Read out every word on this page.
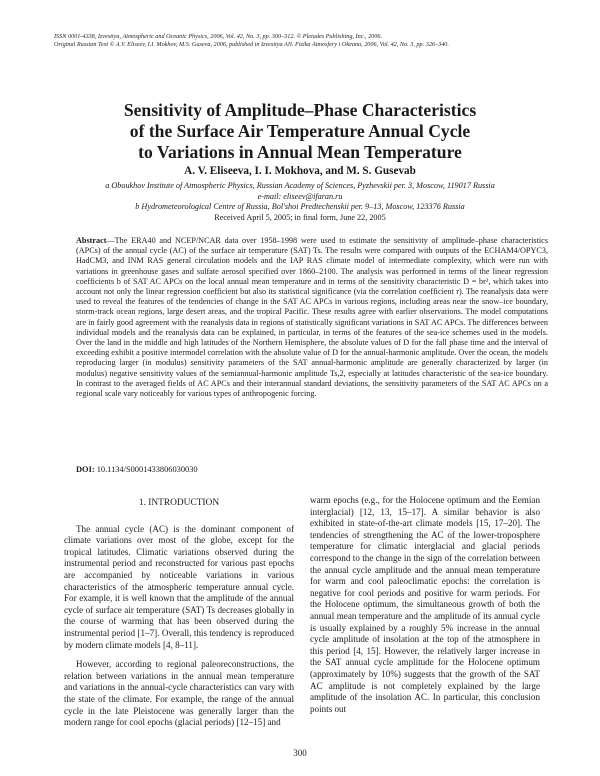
ISSN 0001-4338, Izvestiya, Atmospheric and Oceanic Physics, 2006, Vol. 42, No. 3, pp. 300–312. © Pleiades Publishing, Inc., 2006.
Original Russian Text © A.V. Eliseev, I.I. Mokhov, M.S. Guseva, 2006, published in Izvestiya AN. Fizika Atmosfery i Okeana, 2006, Vol. 42, No. 3, pp. 326–340.
Sensitivity of Amplitude–Phase Characteristics
of the Surface Air Temperature Annual Cycle
to Variations in Annual Mean Temperature
A. V. Eliseeva, I. I. Mokhova, and M. S. Gusevab
a Oboukhov Institute of Atmospheric Physics, Russian Academy of Sciences, Pyzhevskii per. 3, Moscow, 119017 Russia
e-mail: eliseev@ifaran.ru
b Hydrometeorological Centre of Russia, Bol'shoi Predtechenskii per. 9–13, Moscow, 123376 Russia
Received April 5, 2005; in final form, June 22, 2005
Abstract—The ERA40 and NCEP/NCAR data over 1958–1998 were used to estimate the sensitivity of amplitude–phase characteristics (APCs) of the annual cycle (AC) of the surface air temperature (SAT) Ts. The results were compared with outputs of the ECHAM4/OPYC3, HadCM3, and INM RAS general circulation models and the IAP RAS climate model of intermediate complexity, which were run with variations in greenhouse gases and sulfate aerosol specified over 1860–2100. The analysis was performed in terms of the linear regression coefficients b of SAT AC APCs on the local annual mean temperature and in terms of the sensitivity characteristic D = br², which takes into account not only the linear regression coefficient but also its statistical significance (via the correlation coefficient r). The reanalysis data were used to reveal the features of the tendencies of change in the SAT AC APCs in various regions, including areas near the snow–ice boundary, storm-track ocean regions, large desert areas, and the tropical Pacific. These results agree with earlier observations. The model computations are in fairly good agreement with the reanalysis data in regions of statistically significant variations in SAT AC APCs. The differences between individual models and the reanalysis data can be explained, in particular, in terms of the features of the sea-ice schemes used in the models. Over the land in the middle and high latitudes of the Northern Hemisphere, the absolute values of D for the fall phase time and the interval of exceeding exhibit a positive intermodel correlation with the absolute value of D for the annual-harmonic amplitude. Over the ocean, the models reproducing larger (in modulus) sensitivity parameters of the SAT annual-harmonic amplitude are generally characterized by larger (in modulus) negative sensitivity values of the semiannual-harmonic amplitude Ts,2, especially at latitudes characteristic of the sea-ice boundary. In contrast to the averaged fields of AC APCs and their interannual standard deviations, the sensitivity parameters of the SAT AC APCs on a regional scale vary noticeably for various types of anthropogenic forcing.
DOI: 10.1134/S0001433806030030
1. INTRODUCTION

The annual cycle (AC) is the dominant component of climate variations over most of the globe, except for the tropical latitudes. Climatic variations observed during the instrumental period and reconstructed for various past epochs are accompanied by noticeable variations in various characteristics of the atmospheric temperature annual cycle. For example, it is well known that the amplitude of the annual cycle of surface air temperature (SAT) Ts decreases globally in the course of warming that has been observed during the instrumental period [1–7]. Overall, this tendency is reproduced by modern climate models [4, 8–11].

However, according to regional paleoreconstructions, the relation between variations in the annual mean temperature and variations in the annual-cycle characteristics can vary with the state of the climate. For example, the range of the annual cycle in the late Pleistocene was generally larger than the modern range for cool epochs (glacial periods) [12–15] and

warm epochs (e.g., for the Holocene optimum and the Eemian interglacial) [12, 13, 15–17]. A similar behavior is also exhibited in state-of-the-art climate models [15, 17–20]. The tendencies of strengthening the AC of the lower-troposphere temperature for climatic interglacial and glacial periods correspond to the change in the sign of the correlation between the annual cycle amplitude and the annual mean temperature for warm and cool paleoclimatic epochs: the correlation is negative for cool periods and positive for warm periods. For the Holocene optimum, the simultaneous growth of both the annual mean temperature and the amplitude of its annual cycle is usually explained by a roughly 5% increase in the annual cycle amplitude of insolation at the top of the atmosphere in this period [4, 15]. However, the relatively larger increase in the SAT annual cycle amplitude for the Holocene optimum (approximately by 10%) suggests that the growth of the SAT AC amplitude is not completely explained by the large amplitude of the insolation AC. In particular, this conclusion points out

300
